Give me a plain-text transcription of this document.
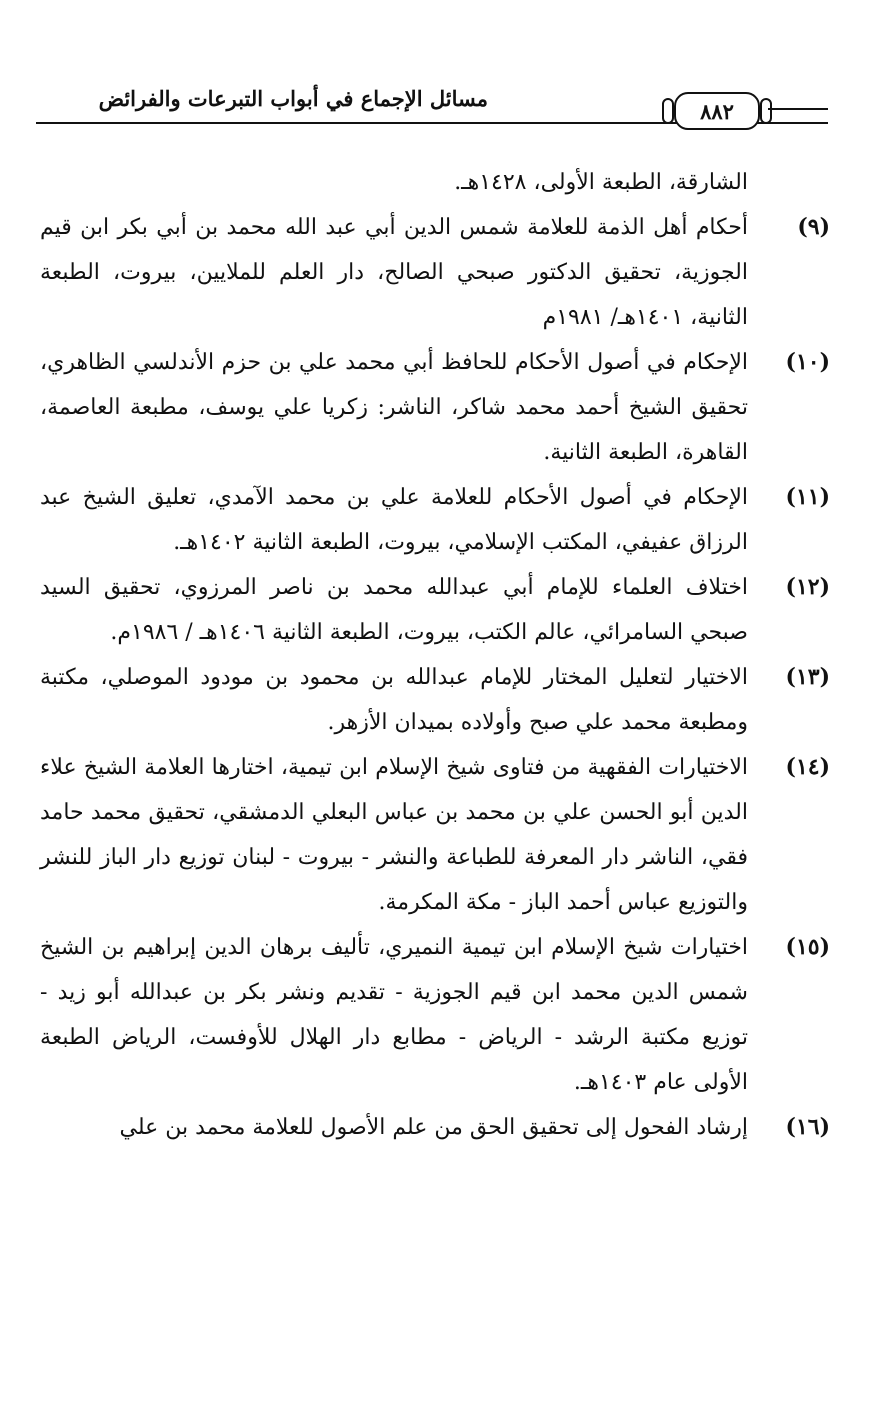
مسائل الإجماع في أبواب التبرعات والفرائض	٨٨٢
الشارقة، الطبعة الأولى، ١٤٢٨هـ.
(٩)
أحكام أهل الذمة للعلامة شمس الدين أبي عبد الله محمد بن أبي بكر ابن قيم الجوزية، تحقيق الدكتور صبحي الصالح، دار العلم للملايين، بيروت، الطبعة الثانية، ١٤٠١هـ/ ١٩٨١م
(١٠)
الإحكام في أصول الأحكام للحافظ أبي محمد علي بن حزم الأندلسي الظاهري، تحقيق الشيخ أحمد محمد شاكر، الناشر: زكريا علي يوسف، مطبعة العاصمة، القاهرة، الطبعة الثانية.
(١١)
الإحكام في أصول الأحكام للعلامة علي بن محمد الآمدي، تعليق الشيخ عبد الرزاق عفيفي، المكتب الإسلامي، بيروت، الطبعة الثانية ١٤٠٢هـ.
(١٢)
اختلاف العلماء للإمام أبي عبدالله محمد بن ناصر المرزوي، تحقيق السيد صبحي السامرائي، عالم الكتب، بيروت، الطبعة الثانية ١٤٠٦هـ / ١٩٨٦م.
(١٣)
الاختيار لتعليل المختار للإمام عبدالله بن محمود بن مودود الموصلي، مكتبة ومطبعة محمد علي صبح وأولاده بميدان الأزهر.
(١٤)
الاختيارات الفقهية من فتاوى شيخ الإسلام ابن تيمية، اختارها العلامة الشيخ علاء الدين أبو الحسن علي بن محمد بن عباس البعلي الدمشقي، تحقيق محمد حامد فقي، الناشر دار المعرفة للطباعة والنشر - بيروت - لبنان توزيع دار الباز للنشر والتوزيع عباس أحمد الباز - مكة المكرمة.
(١٥)
اختيارات شيخ الإسلام ابن تيمية النميري، تأليف برهان الدين إبراهيم بن الشيخ شمس الدين محمد ابن قيم الجوزية - تقديم ونشر بكر بن عبدالله أبو زيد - توزيع مكتبة الرشد - الرياض - مطابع دار الهلال للأوفست، الرياض الطبعة الأولى عام ١٤٠٣هـ.
(١٦)
إرشاد الفحول إلى تحقيق الحق من علم الأصول للعلامة محمد بن علي
